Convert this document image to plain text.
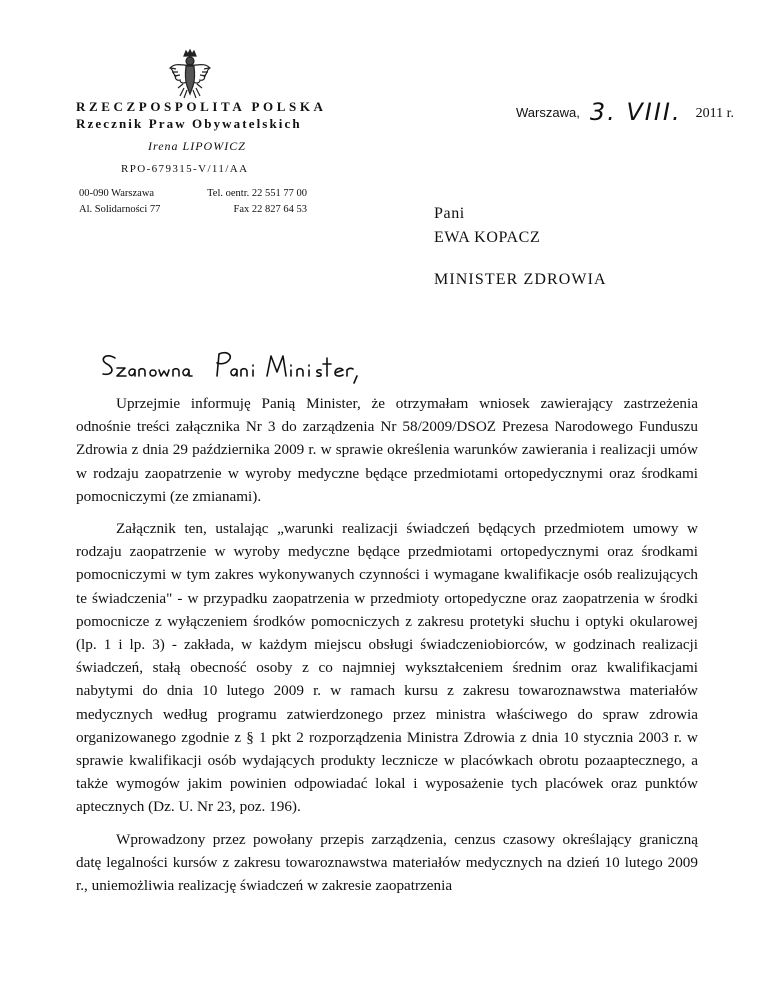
RZECZPOSPOLITA POLSKA
Rzecznik Praw Obywatelskich
Irena LIPOWICZ
RPO-679315-V/11/AA
00-090 Warszawa
Al. Solidarności 77
Tel. oentr. 22 551 77 00
Fax 22 827 64 53
Warszawa, 3. VIII. 2011 r.
Pani
EWA KOPACZ
MINISTER ZDROWIA

Uprzejmie informuję Panią Minister, że otrzymałam wniosek zawierający zastrzeżenia odnośnie treści załącznika Nr 3 do zarządzenia Nr 58/2009/DSOZ Prezesa Narodowego Funduszu Zdrowia z dnia 29 października 2009 r. w sprawie określenia warunków zawierania i realizacji umów w rodzaju zaopatrzenie w wyroby medyczne będące przedmiotami ortopedycznymi oraz środkami pomocniczymi (ze zmianami).

Załącznik ten, ustalając „warunki realizacji świadczeń będących przedmiotem umowy w rodzaju zaopatrzenie w wyroby medyczne będące przedmiotami ortopedycznymi oraz środkami pomocniczymi w tym zakres wykonywanych czynności i wymagane kwalifikacje osób realizujących te świadczenia" - w przypadku zaopatrzenia w przedmioty ortopedyczne oraz zaopatrzenia w środki pomocnicze z wyłączeniem środków pomocniczych z zakresu protetyki słuchu i optyki okularowej (lp. 1 i lp. 3) - zakłada, w każdym miejscu obsługi świadczeniobiorców, w godzinach realizacji świadczeń, stałą obecność osoby z co najmniej wykształceniem średnim oraz kwalifikacjami nabytymi do dnia 10 lutego 2009 r. w ramach kursu z zakresu towaroznawstwa materiałów medycznych według programu zatwierdzonego przez ministra właściwego do spraw zdrowia organizowanego zgodnie z § 1 pkt 2 rozporządzenia Ministra Zdrowia z dnia 10 stycznia 2003 r. w sprawie kwalifikacji osób wydających produkty lecznicze w placówkach obrotu pozaaptecznego, a także wymogów jakim powinien odpowiadać lokal i wyposażenie tych placówek oraz punktów aptecznych (Dz. U. Nr 23, poz. 196).

Wprowadzony przez powołany przepis zarządzenia, cenzus czasowy określający graniczną datę legalności kursów z zakresu towaroznawstwa materiałów medycznych na dzień 10 lutego 2009 r., uniemożliwia realizację świadczeń w zakresie zaopatrzenia
